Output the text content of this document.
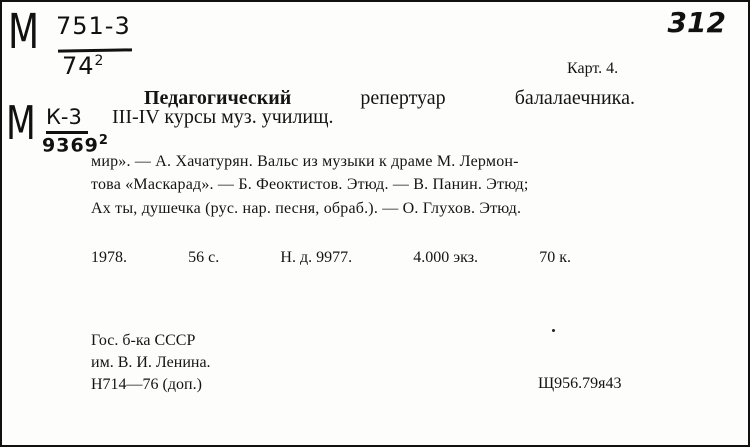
М 751-3
$74^2$
М К-3
9369$^2$
312
Карт. 4.
Педагогический	репертуар	балалаечника.
III-IV курсы муз. училищ.
мир». — А. Хачатурян. Вальс из музыки к драме М. Лермон-
това «Маскарад». — Б. Феоктистов. Этюд. — В. Панин. Этюд;
Ах ты, душечка (рус. нар. песня, обраб.). — О. Глухов. Этюд.
1978.	56 с.	Н. д. 9977.	4.000 экз.	70 к.
Гос. б-ка СССР
им. В. И. Ленина.
Н714—76 (доп.)	Щ956.79я43
